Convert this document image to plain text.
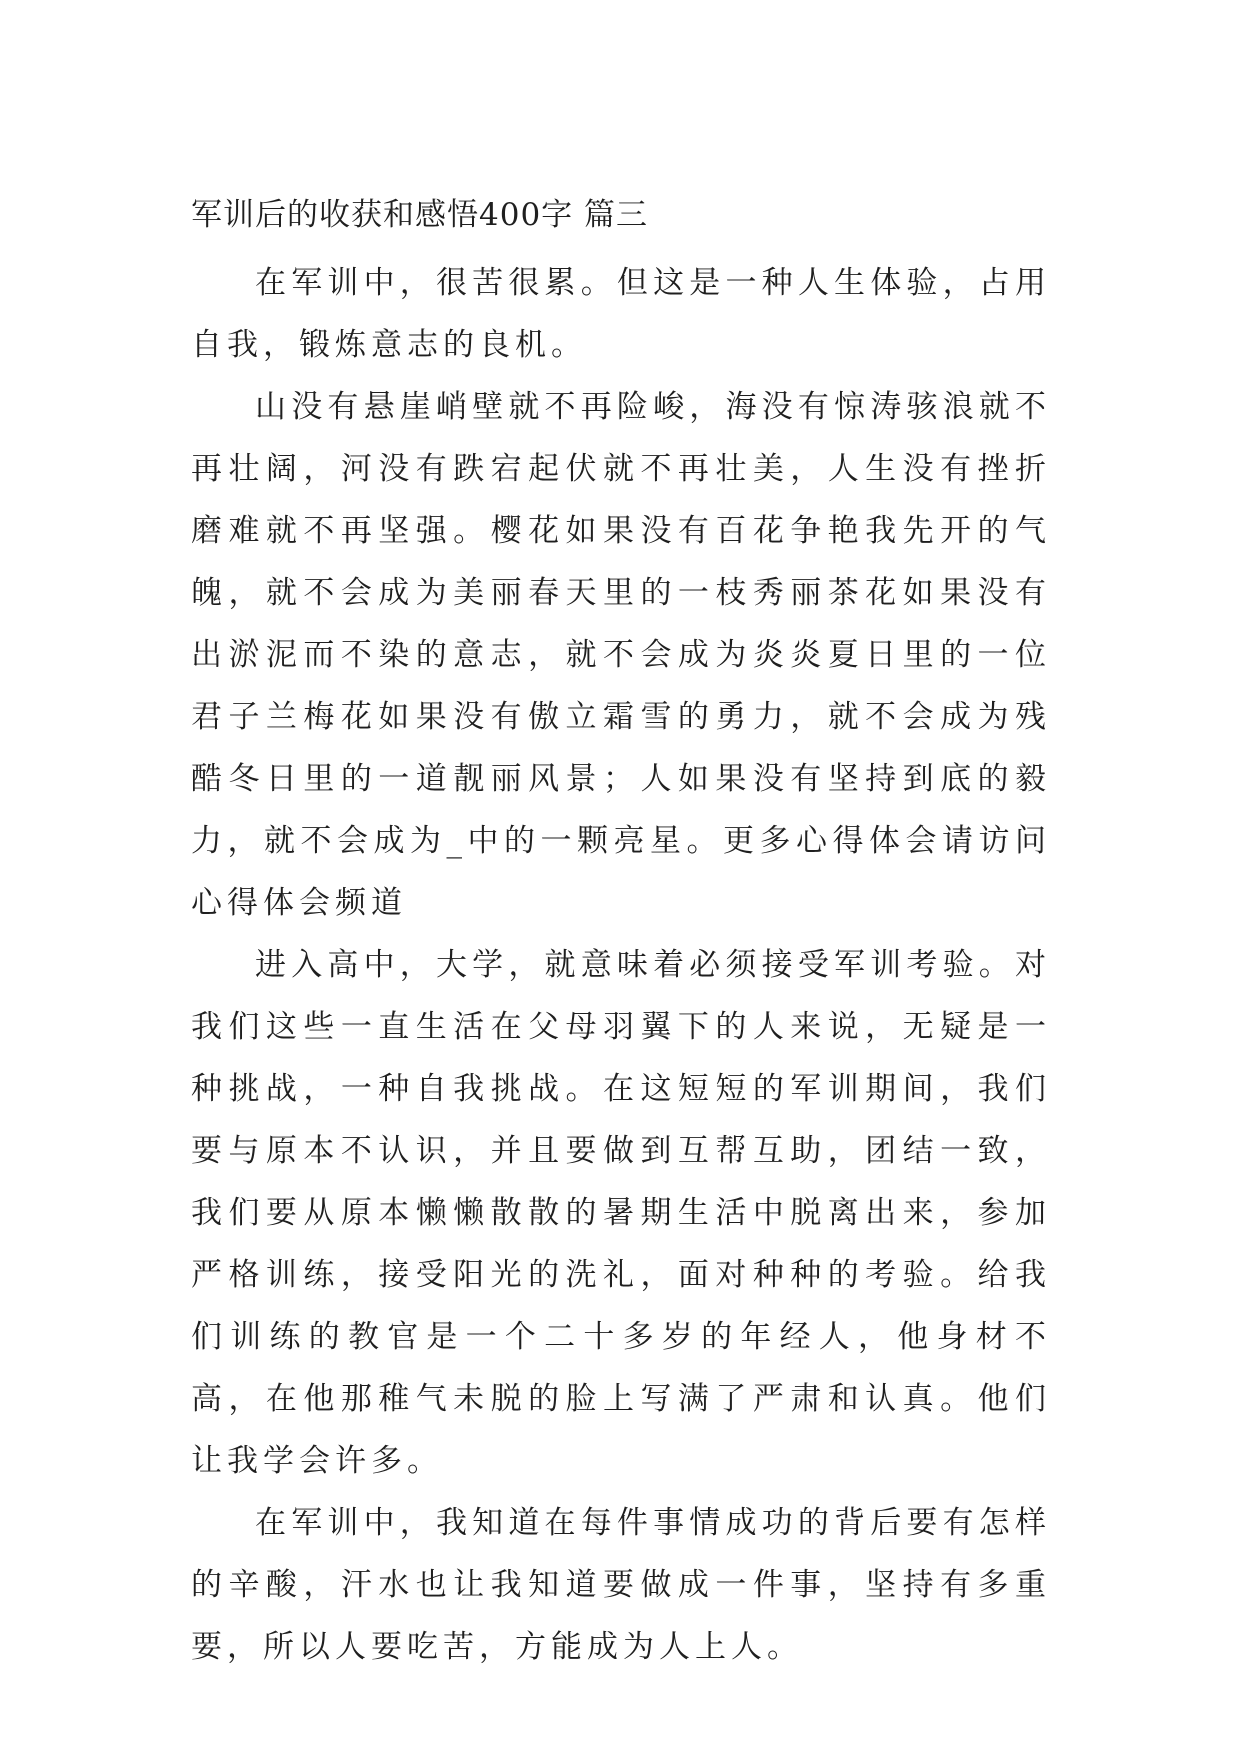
军训后的收获和感悟400字 篇三

在军训中，很苦很累。但这是一种人生体验，占用自我，锻炼意志的良机。

山没有悬崖峭壁就不再险峻，海没有惊涛骇浪就不再壮阔，河没有跌宕起伏就不再壮美，人生没有挫折磨难就不再坚强。樱花如果没有百花争艳我先开的气魄，就不会成为美丽春天里的一枝秀丽茶花如果没有出淤泥而不染的意志，就不会成为炎炎夏日里的一位君子兰梅花如果没有傲立霜雪的勇力，就不会成为残酷冬日里的一道靓丽风景；人如果没有坚持到底的毅力，就不会成为_中的一颗亮星。更多心得体会请访问心得体会频道

进入高中，大学，就意味着必须接受军训考验。对我们这些一直生活在父母羽翼下的人来说，无疑是一种挑战，一种自我挑战。在这短短的军训期间，我们要与原本不认识，并且要做到互帮互助，团结一致，我们要从原本懒懒散散的暑期生活中脱离出来，参加严格训练，接受阳光的洗礼，面对种种的考验。给我们训练的教官是一个二十多岁的年经人，他身材不高，在他那稚气未脱的脸上写满了严肃和认真。他们让我学会许多。

在军训中，我知道在每件事情成功的背后要有怎样的辛酸，汗水也让我知道要做成一件事，坚持有多重要，所以人要吃苦，方能成为人上人。
